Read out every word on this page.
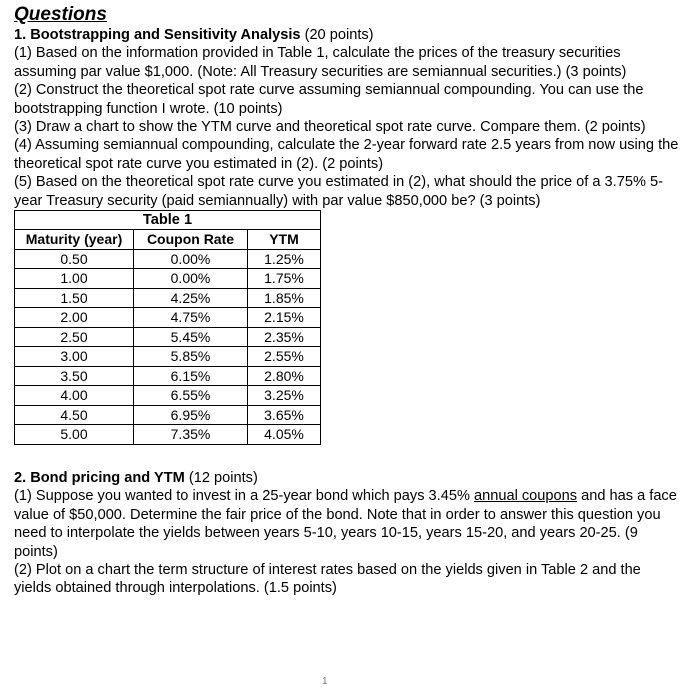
Questions
1. Bootstrapping and Sensitivity Analysis (20 points)
(1) Based on the information provided in Table 1, calculate the prices of the treasury securities assuming par value $1,000. (Note: All Treasury securities are semiannual securities.) (3 points)
(2) Construct the theoretical spot rate curve assuming semiannual compounding. You can use the bootstrapping function I wrote. (10 points)
(3) Draw a chart to show the YTM curve and theoretical spot rate curve. Compare them. (2 points)
(4) Assuming semiannual compounding, calculate the 2-year forward rate 2.5 years from now using the theoretical spot rate curve you estimated in (2). (2 points)
(5) Based on the theoretical spot rate curve you estimated in (2), what should the price of a 3.75% 5-year Treasury security (paid semiannually) with par value $850,000 be? (3 points)
Table 1
Maturity (year)	Coupon Rate	YTM
0.50	0.00%	1.25%
1.00	0.00%	1.75%
1.50	4.25%	1.85%
2.00	4.75%	2.15%
2.50	5.45%	2.35%
3.00	5.85%	2.55%
3.50	6.15%	2.80%
4.00	6.55%	3.25%
4.50	6.95%	3.65%
5.00	7.35%	4.05%
2. Bond pricing and YTM (12 points)
(1) Suppose you wanted to invest in a 25-year bond which pays 3.45% annual coupons and has a face value of $50,000. Determine the fair price of the bond. Note that in order to answer this question you need to interpolate the yields between years 5-10, years 10-15, years 15-20, and years 20-25. (9 points)
(2) Plot on a chart the term structure of interest rates based on the yields given in Table 2 and the yields obtained through interpolations. (1.5 points)
1
